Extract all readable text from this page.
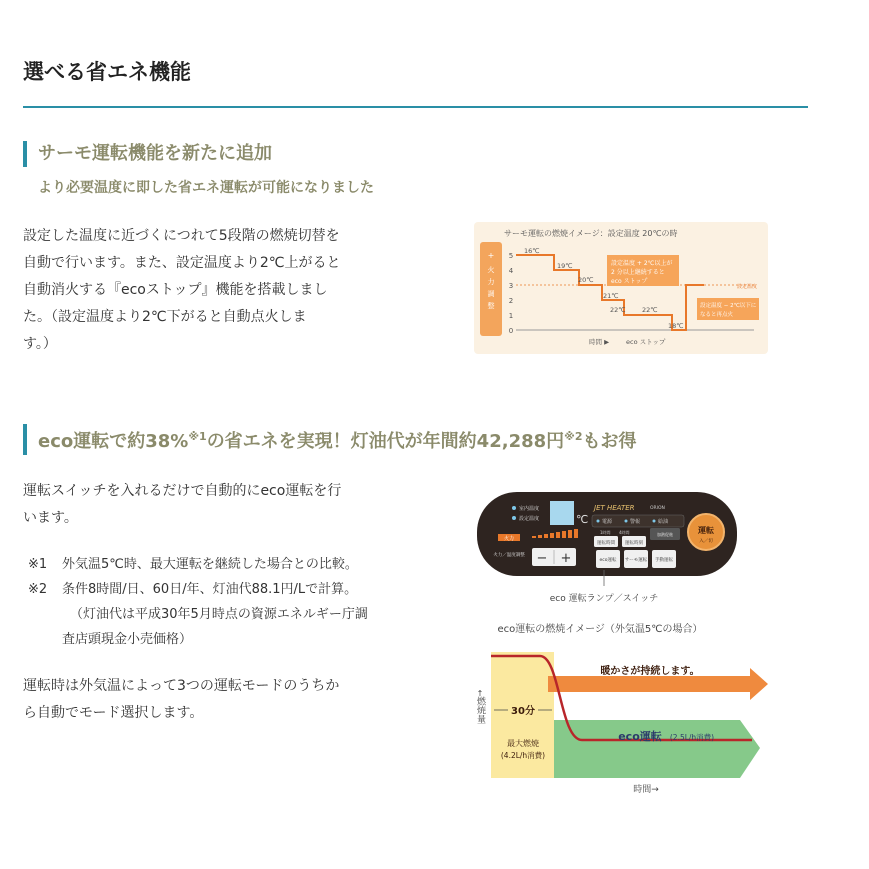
選べる省エネ機能
サーモ運転機能を新たに追加

より必要温度に即した省エネ運転が可能になりました

設定した温度に近づくにつれて5段階の燃焼切替を

自動で行います。また、設定温度より2℃上がると

自動消火する『ecoストップ』機能を搭載しまし

た。（設定温度より2℃下がると自動点火しま

す。）

サーモ運転の燃焼イメージ：設定温度 20℃の時
+
火
力
調
整
5
4
3
2
1
0
設定温度
16℃
19℃
20℃
21℃
22℃	22℃
18℃
設定温度 + 2℃以上が
2 分以上継続すると
eco ストップ
設定温度 − 2℃以下に
なると再点火
時間 ▶	eco ストップ
eco運転で約38%$^{※1}$の省エネを実現！灯油代が年間約42,288円$^{※2}$もお得

運転スイッチを入れるだけで自動的にeco運転を行

います。

※1	外気温5℃時、最大運転を継続した場合との比較。
※2	条件8時間/日、60日/年、灯油代88.1円/Lで計算。
（灯油代は平成30年5月時点の資源エネルギー庁調
査店頭現金小売価格）

運転時は外気温によって3つの運転モードのうちか

ら自動でモード選択します。

室内温度
設定温度	℃
JET HEATER	ORION
電源	警報	給油
1時間 4時間
運転時間 運転時刻
加熱促進
火力
火力／温度調整 − +	eco運転 サーモ運転 手動運転
運転
入／切
eco 運転ランプ／スイッチ
eco運転の燃焼イメージ（外気温5℃の場合）
暖かさが持続します。
30分
最大燃焼
(4.2L/h消費)
eco運転 (2.5L/h消費)
↑
燃焼量
時間→
